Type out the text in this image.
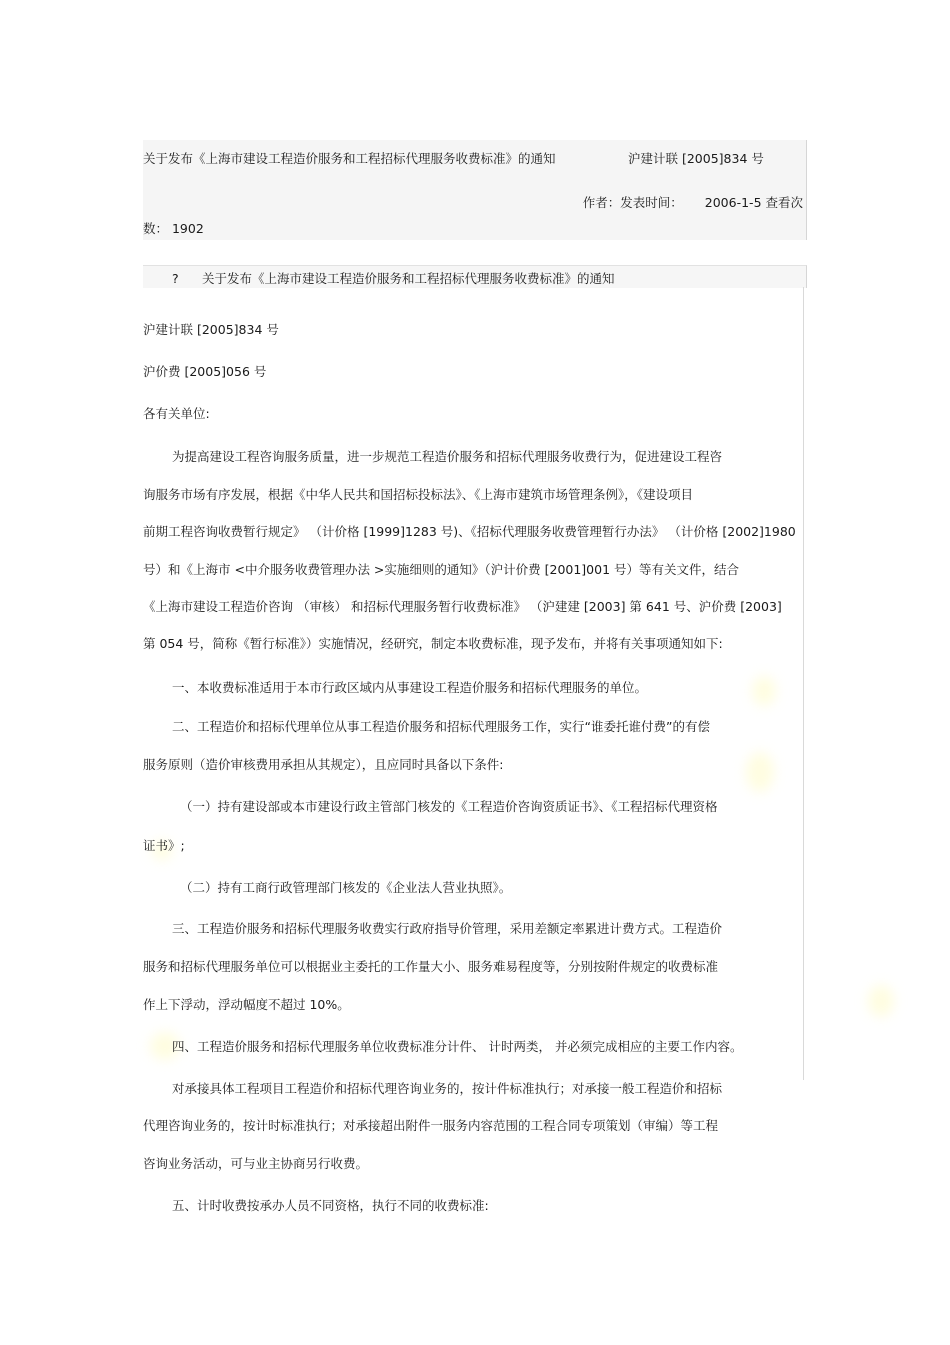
关于发布《上海市建设工程造价服务和工程招标代理服务收费标准》的通知	沪建计联 [2005]834 号
作者：发表时间： 2006-1-5 查看次
数： 1902
? 关于发布《上海市建设工程造价服务和工程招标代理服务收费标准》的通知
沪建计联 [2005]834 号
沪价费 [2005]056 号
各有关单位:
为提高建设工程咨询服务质量，进一步规范工程造价服务和招标代理服务收费行为，促进建设工程咨
询服务市场有序发展，根据《中华人民共和国招标投标法》、《上海市建筑市场管理条例》，《建设项目
前期工程咨询收费暂行规定》 （计价格 [1999]1283 号)、《招标代理服务收费管理暂行办法》 （计价格 [2002]1980
号）和《上海市 <中介服务收费管理办法 >实施细则的通知》（沪计价费 [2001]001 号）等有关文件，结合
《上海市建设工程造价咨询 （审核） 和招标代理服务暂行收费标准》 （沪建建 [2003] 第 641 号、沪价费 [2003]
第 054 号，简称《暂行标准》）实施情况，经研究，制定本收费标准，现予发布，并将有关事项通知如下:
一、本收费标准适用于本市行政区域内从事建设工程造价服务和招标代理服务的单位。
二、工程造价和招标代理单位从事工程造价服务和招标代理服务工作，实行“谁委托谁付费”的有偿
服务原则（造价审核费用承担从其规定），且应同时具备以下条件:
（一）持有建设部或本市建设行政主管部门核发的《工程造价咨询资质证书》、《工程招标代理资格
证书》;
（二）持有工商行政管理部门核发的《企业法人营业执照》。
三、工程造价服务和招标代理服务收费实行政府指导价管理，采用差额定率累进计费方式。工程造价
服务和招标代理服务单位可以根据业主委托的工作量大小、服务难易程度等，分别按附件规定的收费标准
作上下浮动，浮动幅度不超过 10%。
四、工程造价服务和招标代理服务单位收费标准分计件、 计时两类， 并必须完成相应的主要工作内容。
对承接具体工程项目工程造价和招标代理咨询业务的，按计件标准执行；对承接一般工程造价和招标
代理咨询业务的，按计时标准执行；对承接超出附件一服务内容范围的工程合同专项策划（审编）等工程
咨询业务活动，可与业主协商另行收费。
五、计时收费按承办人员不同资格，执行不同的收费标准:
